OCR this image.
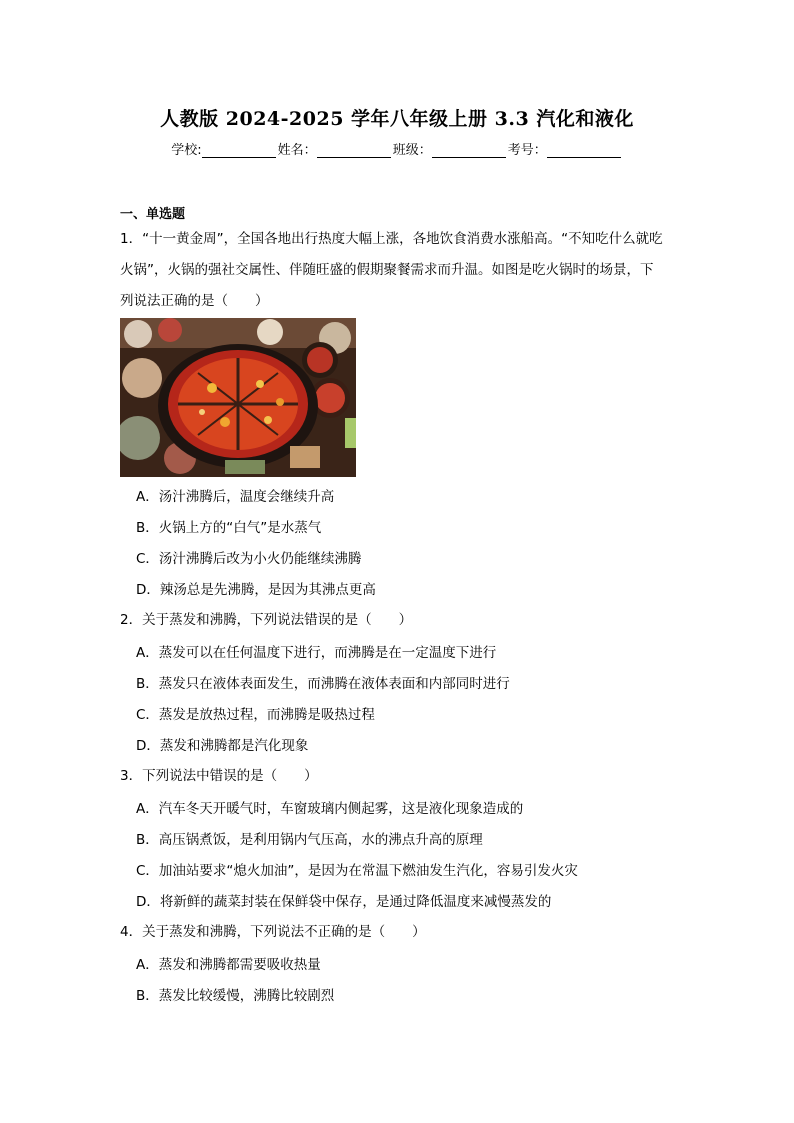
人教版 2024-2025 学年八年级上册 3.3 汽化和液化
学校:	姓名：	班级：	考号：
一、单选题
1．“十一黄金周”，全国各地出行热度大幅上涨，各地饮食消费水涨船高。“不知吃什么就吃
火锅”，火锅的强社交属性、伴随旺盛的假期聚餐需求而升温。如图是吃火锅时的场景，下
列说法正确的是（　　）
A．汤汁沸腾后，温度会继续升高
B．火锅上方的“白气”是水蒸气
C．汤汁沸腾后改为小火仍能继续沸腾
D．辣汤总是先沸腾，是因为其沸点更高
2．关于蒸发和沸腾，下列说法错误的是（　　）
A．蒸发可以在任何温度下进行，而沸腾是在一定温度下进行
B．蒸发只在液体表面发生，而沸腾在液体表面和内部同时进行
C．蒸发是放热过程，而沸腾是吸热过程
D．蒸发和沸腾都是汽化现象
3．下列说法中错误的是（　　）
A．汽车冬天开暖气时，车窗玻璃内侧起雾，这是液化现象造成的
B．高压锅煮饭，是利用锅内气压高，水的沸点升高的原理
C．加油站要求“熄火加油”，是因为在常温下燃油发生汽化，容易引发火灾
D．将新鲜的蔬菜封装在保鲜袋中保存，是通过降低温度来减慢蒸发的
4．关于蒸发和沸腾，下列说法不正确的是（　　）
A．蒸发和沸腾都需要吸收热量
B．蒸发比较缓慢，沸腾比较剧烈
